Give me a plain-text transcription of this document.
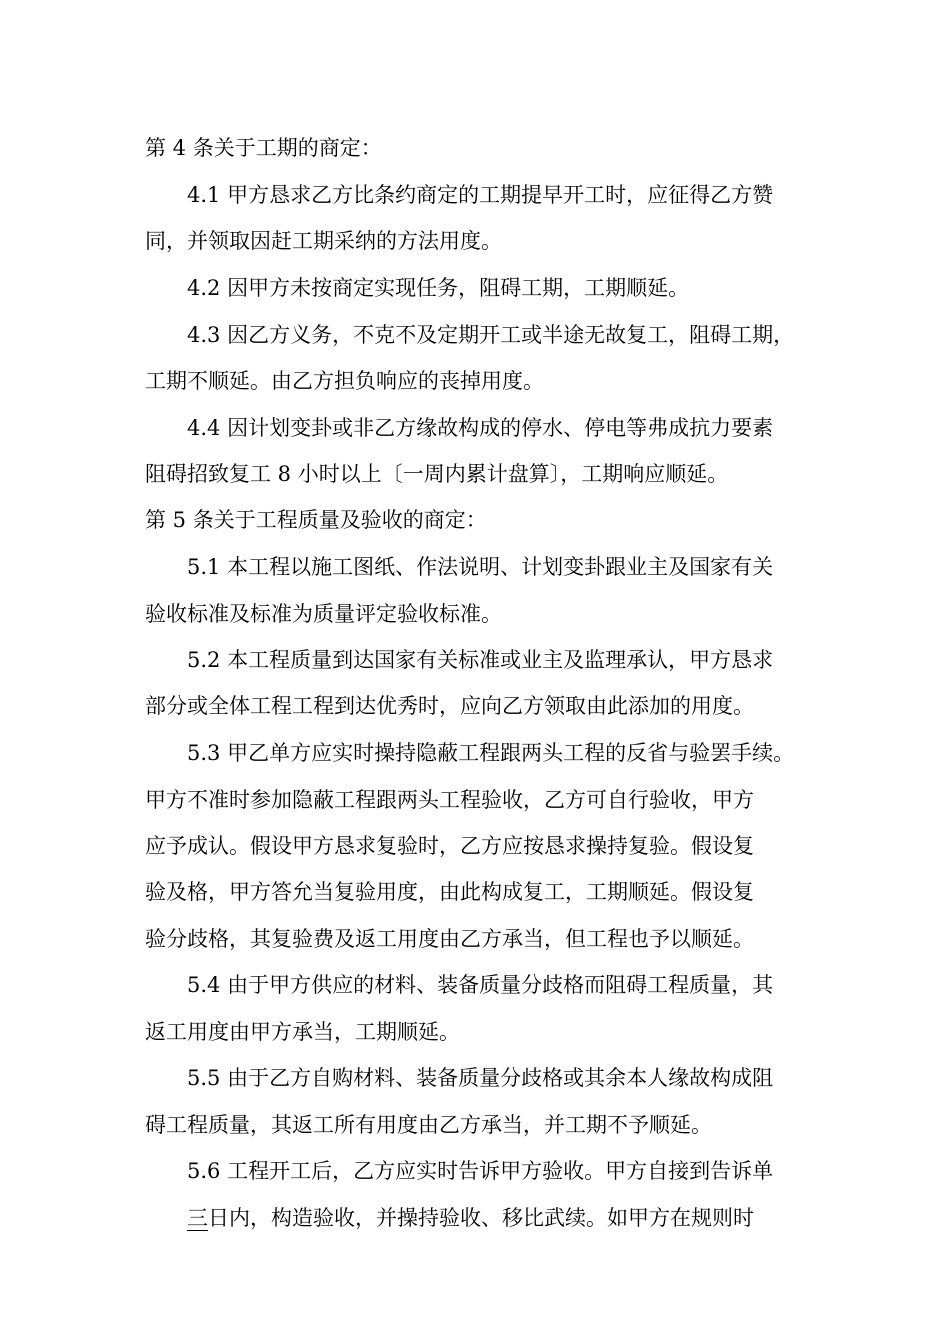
第 4 条关于工期的商定：
4.1 甲方恳求乙方比条约商定的工期提早开工时，应征得乙方赞
同，并领取因赶工期采纳的方法用度。
4.2 因甲方未按商定实现任务，阻碍工期，工期顺延。
4.3 因乙方义务，不克不及定期开工或半途无故复工，阻碍工期，
工期不顺延。由乙方担负响应的丧掉用度。
4.4 因计划变卦或非乙方缘故构成的停水、停电等弗成抗力要素
阻碍招致复工 8 小时以上〔一周内累计盘算〕，工期响应顺延。
第 5 条关于工程质量及验收的商定：
5.1 本工程以施工图纸、作法说明、计划变卦跟业主及国家有关
验收标准及标准为质量评定验收标准。
5.2 本工程质量到达国家有关标准或业主及监理承认，甲方恳求
部分或全体工程工程到达优秀时，应向乙方领取由此添加的用度。
5.3 甲乙单方应实时操持隐蔽工程跟两头工程的反省与验罢手续。
甲方不准时参加隐蔽工程跟两头工程验收，乙方可自行验收，甲方
应予成认。假设甲方恳求复验时，乙方应按恳求操持复验。假设复
验及格，甲方答允当复验用度，由此构成复工，工期顺延。假设复
验分歧格，其复验费及返工用度由乙方承当，但工程也予以顺延。
5.4 由于甲方供应的材料、装备质量分歧格而阻碍工程质量，其
返工用度由甲方承当，工期顺延。
5.5 由于乙方自购材料、装备质量分歧格或其余本人缘故构成阻
碍工程质量，其返工所有用度由乙方承当，并工期不予顺延。
5.6 工程开工后，乙方应实时告诉甲方验收。甲方自接到告诉单
三日内，构造验收，并操持验收、移比武续。如甲方在规则时
